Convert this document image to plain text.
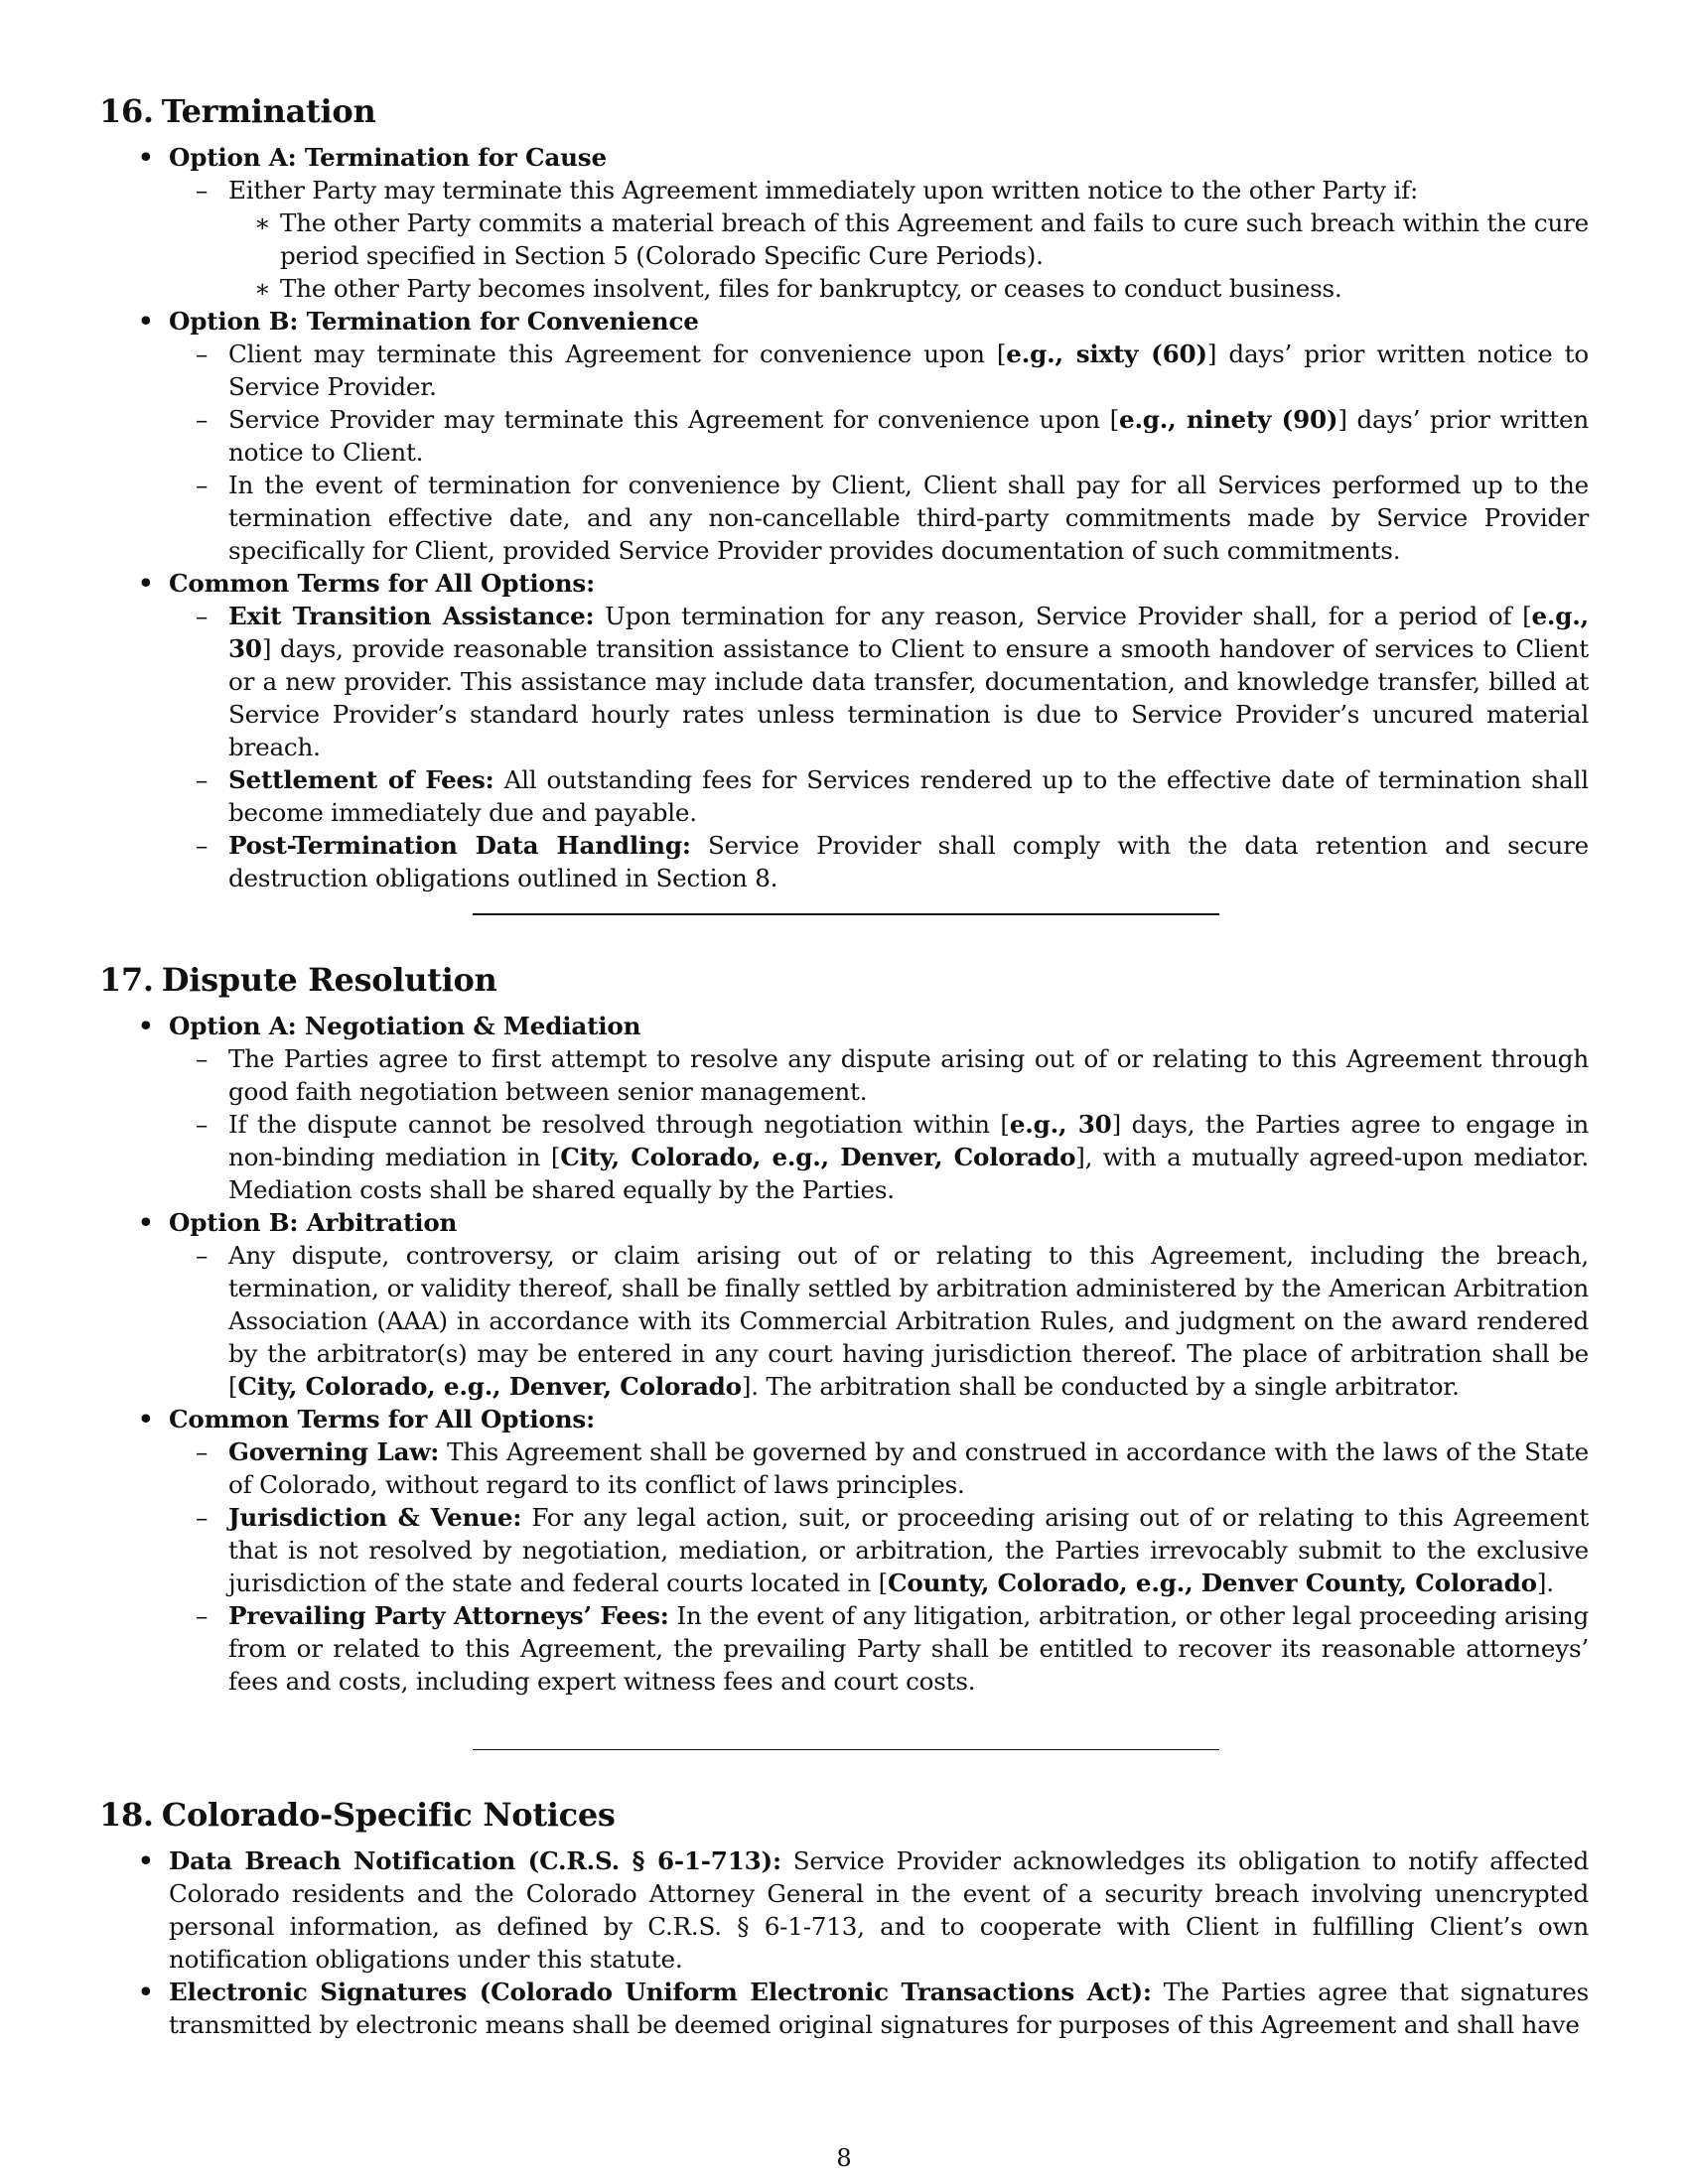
16. Termination
• Option A: Termination for Cause
– Either Party may terminate this Agreement immediately upon written notice to the other Party if:
∗ The other Party commits a material breach of this Agreement and fails to cure such breach within the cure period specified in Section 5 (Colorado Specific Cure Periods).
∗ The other Party becomes insolvent, files for bankruptcy, or ceases to conduct business.
• Option B: Termination for Convenience
– Client may terminate this Agreement for convenience upon [e.g., sixty (60)] days’ prior written notice to Service Provider.
– Service Provider may terminate this Agreement for convenience upon [e.g., ninety (90)] days’ prior written notice to Client.
– In the event of termination for convenience by Client, Client shall pay for all Services performed up to the termination effective date, and any non-cancellable third-party commitments made by Service Provider specifically for Client, provided Service Provider provides documentation of such commitments.
• Common Terms for All Options:
– Exit Transition Assistance: Upon termination for any reason, Service Provider shall, for a period of [e.g., 30] days, provide reasonable transition assistance to Client to ensure a smooth handover of services to Client or a new provider. This assistance may include data transfer, documentation, and knowledge transfer, billed at Service Provider’s standard hourly rates unless termination is due to Service Provider’s uncured material breach.
– Settlement of Fees: All outstanding fees for Services rendered up to the effective date of termination shall become immediately due and payable.
– Post-Termination Data Handling: Service Provider shall comply with the data retention and secure destruction obligations outlined in Section 8.
17. Dispute Resolution
• Option A: Negotiation & Mediation
– The Parties agree to first attempt to resolve any dispute arising out of or relating to this Agreement through good faith negotiation between senior management.
– If the dispute cannot be resolved through negotiation within [e.g., 30] days, the Parties agree to engage in non-binding mediation in [City, Colorado, e.g., Denver, Colorado], with a mutually agreed-upon mediator. Mediation costs shall be shared equally by the Parties.
• Option B: Arbitration
– Any dispute, controversy, or claim arising out of or relating to this Agreement, including the breach, termination, or validity thereof, shall be finally settled by arbitration administered by the American Arbitration Association (AAA) in accordance with its Commercial Arbitration Rules, and judgment on the award rendered by the arbitrator(s) may be entered in any court having jurisdiction thereof. The place of arbitration shall be [City, Colorado, e.g., Denver, Colorado]. The arbitration shall be conducted by a single arbitrator.
• Common Terms for All Options:
– Governing Law: This Agreement shall be governed by and construed in accordance with the laws of the State of Colorado, without regard to its conflict of laws principles.
– Jurisdiction & Venue: For any legal action, suit, or proceeding arising out of or relating to this Agreement that is not resolved by negotiation, mediation, or arbitration, the Parties irrevocably submit to the exclusive jurisdiction of the state and federal courts located in [County, Colorado, e.g., Denver County, Colorado].
– Prevailing Party Attorneys’ Fees: In the event of any litigation, arbitration, or other legal proceeding arising from or related to this Agreement, the prevailing Party shall be entitled to recover its reasonable attorneys’ fees and costs, including expert witness fees and court costs.
18. Colorado-Specific Notices
• Data Breach Notification (C.R.S. § 6-1-713): Service Provider acknowledges its obligation to notify affected Colorado residents and the Colorado Attorney General in the event of a security breach involving unencrypted personal information, as defined by C.R.S. § 6-1-713, and to cooperate with Client in fulfilling Client’s own notification obligations under this statute.
• Electronic Signatures (Colorado Uniform Electronic Transactions Act): The Parties agree that signatures transmitted by electronic means shall be deemed original signatures for purposes of this Agreement and shall have
8
